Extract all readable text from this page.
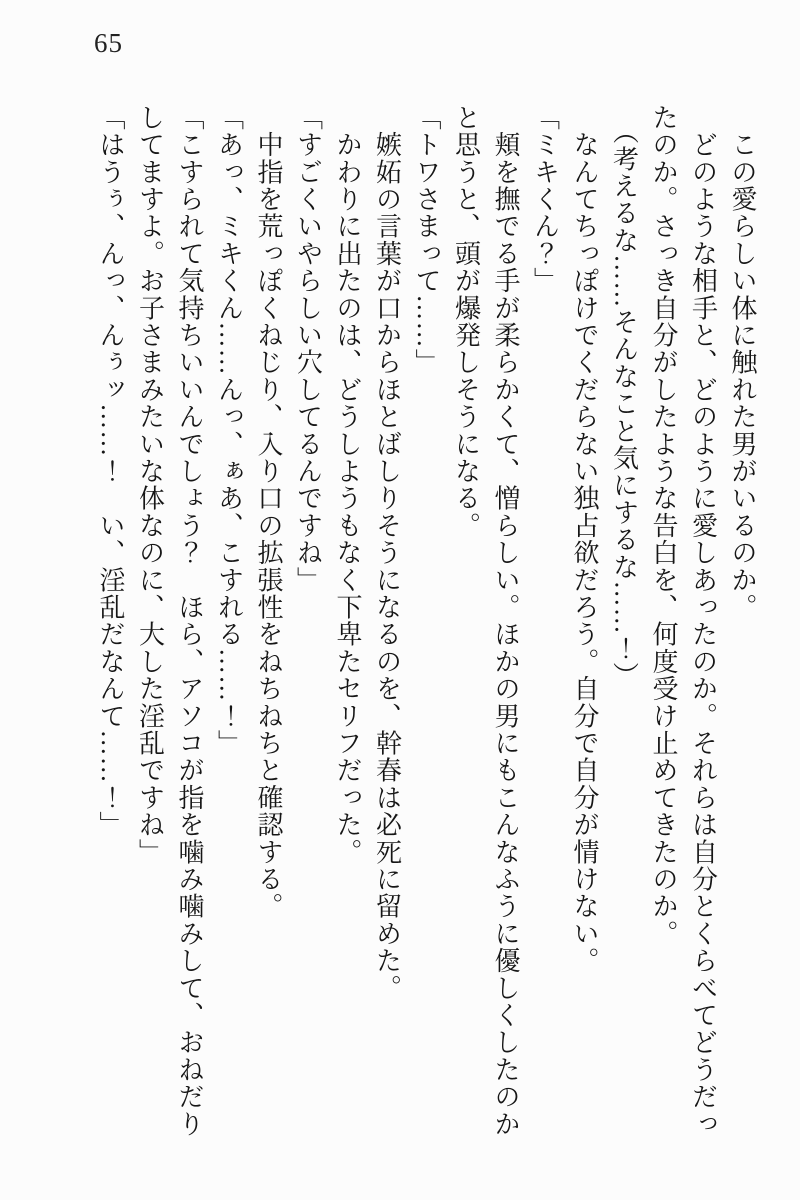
65

　この愛らしい体に触れた男がいるのか。

　どのような相手と、どのように愛しあったのか。それらは自分とくらべてどうだっ

たのか。さっき自分がしたような告白を、何度受け止めてきたのか。

　（考えるな……そんなこと気にするな……！）

　なんてちっぽけでくだらない独占欲だろう。自分で自分が情けない。

「ミキくん？」

　頬を撫でる手が柔らかくて、憎らしい。ほかの男にもこんなふうに優しくしたのか

と思うと、頭が爆発しそうになる。

「トワさまって……」

　嫉妬の言葉が口からほとばしりそうになるのを、幹春は必死に留めた。

　かわりに出たのは、どうしようもなく下卑たセリフだった。

「すごくいやらしい穴してるんですね」

　中指を荒っぽくねじり、入り口の拡張性をねちねちと確認する。

「あっ、ミキくん……んっ、ぁあ、こすれる……！」

「こすられて気持ちいいんでしょう？　ほら、アソコが指を噛み噛みして、おねだり

してますよ。お子さまみたいな体なのに、大した淫乱ですね」

「はうぅ、んっ、んぅッ……！　い、淫乱だなんて……！」
